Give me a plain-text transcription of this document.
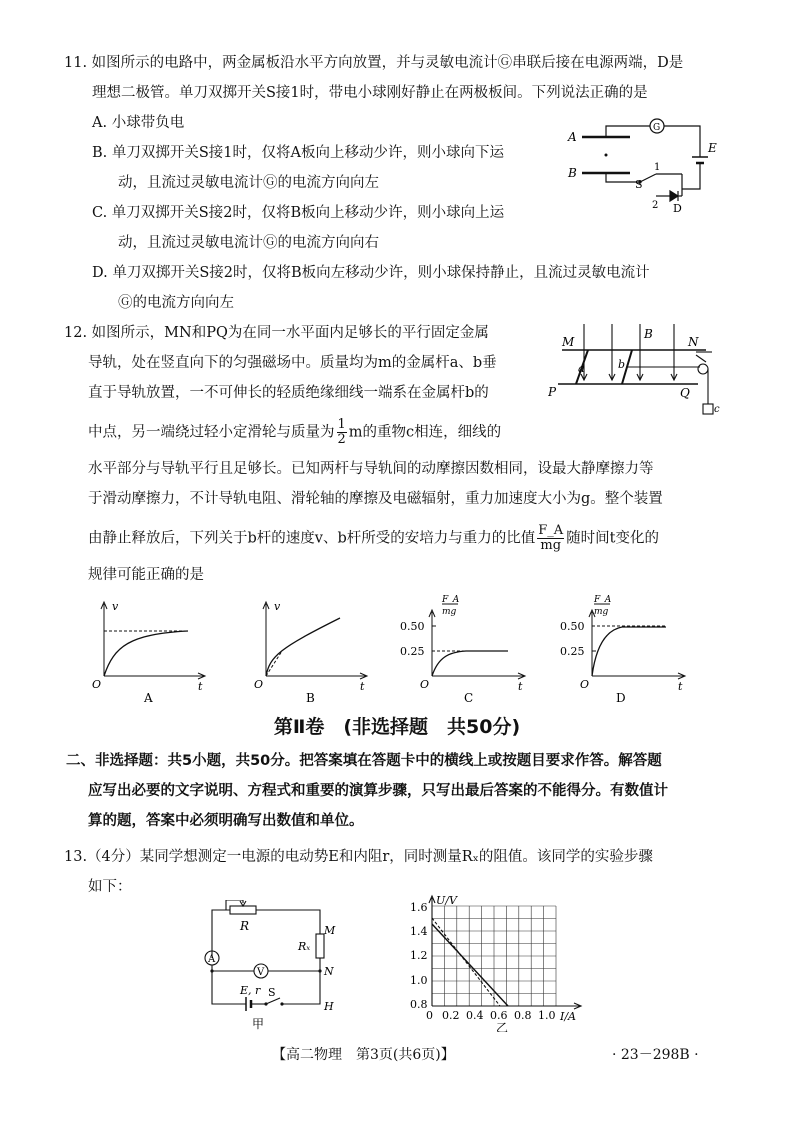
11. 如图所示的电路中，两金属板沿水平方向放置，并与灵敏电流计Ⓖ串联后接在电源两端，D是
理想二极管。单刀双掷开关S接1时，带电小球刚好静止在两极板间。下列说法正确的是
A. 小球带负电
B. 单刀双掷开关S接1时，仅将A板向上移动少许，则小球向下运
动，且流过灵敏电流计Ⓖ的电流方向向左
C. 单刀双掷开关S接2时，仅将B板向上移动少许，则小球向上运
动，且流过灵敏电流计Ⓖ的电流方向向右
D. 单刀双掷开关S接2时，仅将B板向左移动少许，则小球保持静止，且流过灵敏电流计
Ⓖ的电流方向向左
A
B
G
E
S
1
2 D
12. 如图所示，MN和PQ为在同一水平面内足够长的平行固定金属
导轨，处在竖直向下的匀强磁场中。质量均为m的金属杆a、b垂
直于导轨放置，一不可伸长的轻质绝缘细线一端系在金属杆b的
中点，另一端绕过轻小定滑轮与质量为 $\frac{1}{2}$ m的重物c相连，细线的
水平部分与导轨平行且足够长。已知两杆与导轨间的动摩擦因数相同，设最大静摩擦力等
于滑动摩擦力，不计导轨电阻、滑轮轴的摩擦及电磁辐射，重力加速度大小为g。整个装置
由静止释放后，下列关于b杆的速度v、b杆所受的安培力与重力的比值 $\frac{F\_A}{mg}$ 随时间t变化的
规律可能正确的是
M	N
P	Q
B
a	b
c
v
t
O
A
v
t
O
B
F_A
mg
0.50
0.25
t
O
C
F_A
mg
0.50
0.25
t
O
D
第Ⅱ卷　(非选择题　共50分)
二、非选择题：共5小题，共50分。把答案填在答题卡中的横线上或按题目要求作答。解答题
应写出必要的文字说明、方程式和重要的演算步骤，只写出最后答案的不能得分。有数值计
算的题，答案中必须明确写出数值和单位。
13.（4分）某同学想测定一电源的电动势E和内阻r，同时测量Rₓ的阻值。该同学的实验步骤
如下：
A
V
R
Rₓ
M
N
H
E, r S
甲
U/V
I/A
1.6
1.4
1.2
1.0
0.8
0 0.2 0.4 0.6 0.8 1.0
乙
【高二物理　第3页(共6页)】	· 23－298B ·
